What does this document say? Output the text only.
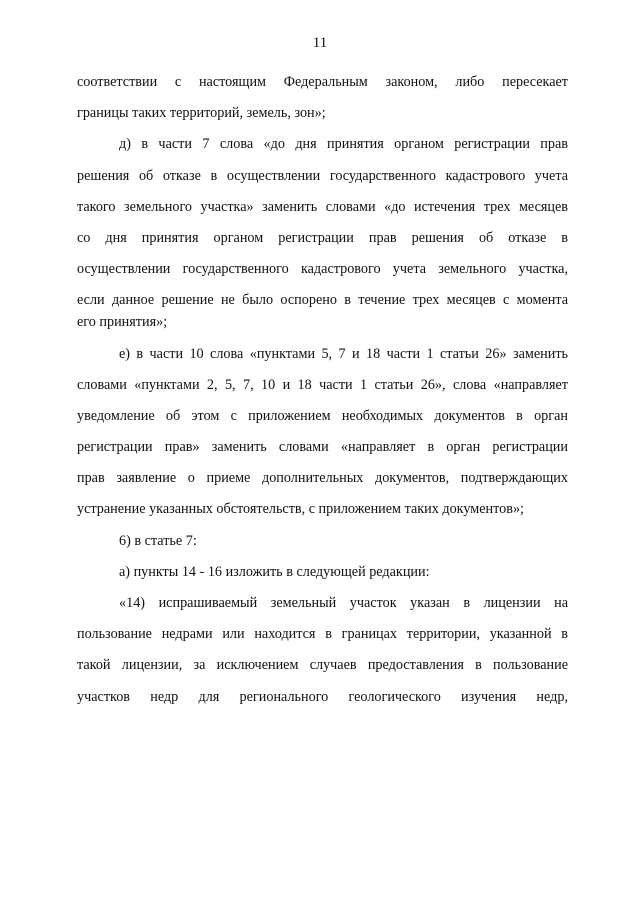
11
соответствии с настоящим Федеральным законом, либо пересекает
границы таких территорий, земель, зон»;
д) в части 7 слова «до дня принятия органом регистрации прав
решения об отказе в осуществлении государственного кадастрового учета
такого земельного участка» заменить словами «до истечения трех месяцев
со дня принятия органом регистрации прав решения об отказе в
осуществлении государственного кадастрового учета земельного участка,
если данное решение не было оспорено в течение трех месяцев с момента
его принятия»;
е) в части 10 слова «пунктами 5, 7 и 18 части 1 статьи 26» заменить
словами «пунктами 2, 5, 7, 10 и 18 части 1 статьи 26», слова «направляет
уведомление об этом с приложением необходимых документов в орган
регистрации прав» заменить словами «направляет в орган регистрации
прав заявление о приеме дополнительных документов, подтверждающих
устранение указанных обстоятельств, с приложением таких документов»;
6) в статье 7:
а) пункты 14 - 16 изложить в следующей редакции:
«14) испрашиваемый земельный участок указан в лицензии на
пользование недрами или находится в границах территории, указанной в
такой лицензии, за исключением случаев предоставления в пользование
участков недр для регионального геологического изучения недр,
